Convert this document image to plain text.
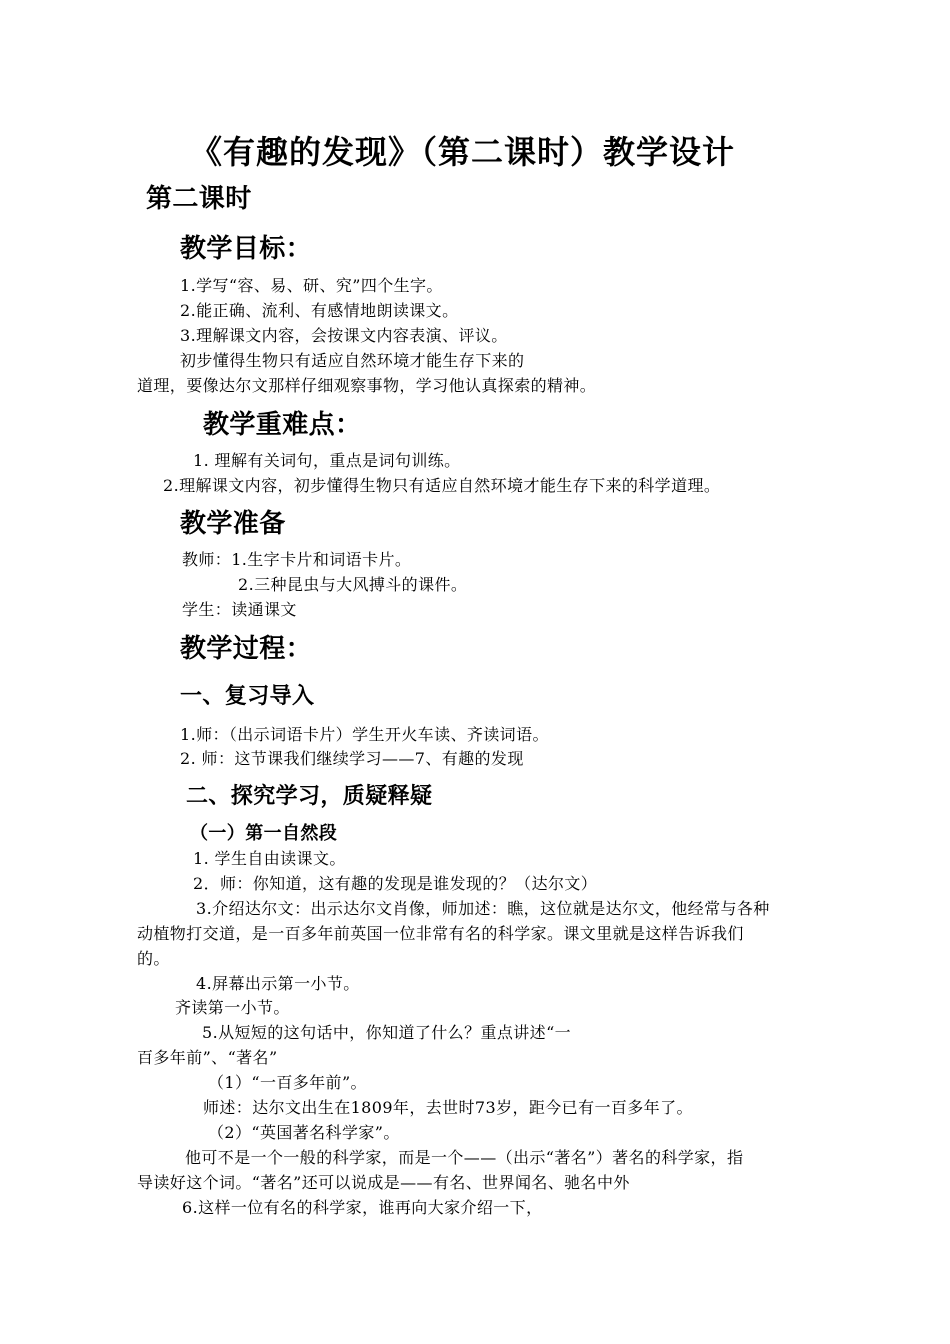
《有趣的发现》（第二课时）教学设计
第二课时
教学目标：
1.学写“容、易、研、究”四个生字。
2.能正确、流利、有感情地朗读课文。
3.理解课文内容，会按课文内容表演、评议。
初步懂得生物只有适应自然环境才能生存下来的
道理，要像达尔文那样仔细观察事物，学习他认真探索的精神。
教学重难点：
1. 理解有关词句，重点是词句训练。
2.理解课文内容，初步懂得生物只有适应自然环境才能生存下来的科学道理。
教学准备
教师：1.生字卡片和词语卡片。
2.三种昆虫与大风搏斗的课件。
学生：读通课文
教学过程：
一、复习导入
1.师：（出示词语卡片）学生开火车读、齐读词语。
2. 师：这节课我们继续学习——7、有趣的发现
二、探究学习，质疑释疑
（一）第一自然段
1. 学生自由读课文。
2．师：你知道，这有趣的发现是谁发现的？（达尔文）
3.介绍达尔文：出示达尔文肖像，师加述：瞧，这位就是达尔文，他经常与各种
动植物打交道，是一百多年前英国一位非常有名的科学家。课文里就是这样告诉我们
的。
4.屏幕出示第一小节。
齐读第一小节。
5.从短短的这句话中，你知道了什么？重点讲述“一
百多年前”、“著名”
（1）“一百多年前”。
师述：达尔文出生在1809年，去世时73岁，距今已有一百多年了。
（2）“英国著名科学家”。
他可不是一个一般的科学家，而是一个——（出示“著名”）著名的科学家，指
导读好这个词。“著名”还可以说成是——有名、世界闻名、驰名中外
6.这样一位有名的科学家，谁再向大家介绍一下，
